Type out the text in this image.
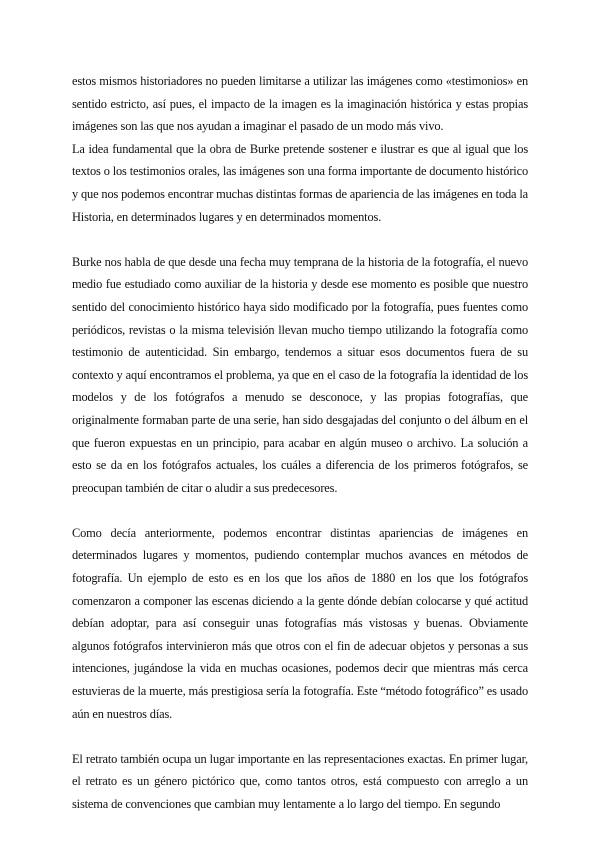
estos mismos historiadores no pueden limitarse a utilizar las imágenes como «testimonios» en sentido estricto, así pues, el impacto de la imagen es la imaginación histórica y estas propias imágenes son las que nos ayudan a imaginar el pasado de un modo más vivo.

La idea fundamental que la obra de Burke pretende sostener e ilustrar es que al igual que los textos o los testimonios orales, las imágenes son una forma importante de documento histórico y que nos podemos encontrar muchas distintas formas de apariencia de las imágenes en toda la Historia, en determinados lugares y en determinados momentos.

Burke nos habla de que desde una fecha muy temprana de la historia de la fotografía, el nuevo medio fue estudiado como auxiliar de la historia y desde ese momento es posible que nuestro sentido del conocimiento histórico haya sido modificado por la fotografía, pues fuentes como periódicos, revistas o la misma televisión llevan mucho tiempo utilizando la fotografía como testimonio de autenticidad. Sin embargo, tendemos a situar esos documentos fuera de su contexto y aquí encontramos el problema, ya que en el caso de la fotografía la identidad de los modelos y de los fotógrafos a menudo se desconoce, y las propias fotografías, que originalmente formaban parte de una serie, han sido desgajadas del conjunto o del álbum en el que fueron expuestas en un principio, para acabar en algún museo o archivo. La solución a esto se da en los fotógrafos actuales, los cuáles a diferencia de los primeros fotógrafos, se preocupan también de citar o aludir a sus predecesores.

Como decía anteriormente, podemos encontrar distintas apariencias de imágenes en determinados lugares y momentos, pudiendo contemplar muchos avances en métodos de fotografía. Un ejemplo de esto es en los que los años de 1880 en los que los fotógrafos comenzaron a componer las escenas diciendo a la gente dónde debían colocarse y qué actitud debían adoptar, para así conseguir unas fotografías más vistosas y buenas. Obviamente algunos fotógrafos intervinieron más que otros con el fin de adecuar objetos y personas a sus intenciones, jugándose la vida en muchas ocasiones, podemos decir que mientras más cerca estuvieras de la muerte, más prestigiosa sería la fotografía. Este “método fotográfico” es usado aún en nuestros días.

El retrato también ocupa un lugar importante en las representaciones exactas. En primer lugar, el retrato es un género pictórico que, como tantos otros, está compuesto con arreglo a un sistema de convenciones que cambian muy lentamente a lo largo del tiempo. En segundo
